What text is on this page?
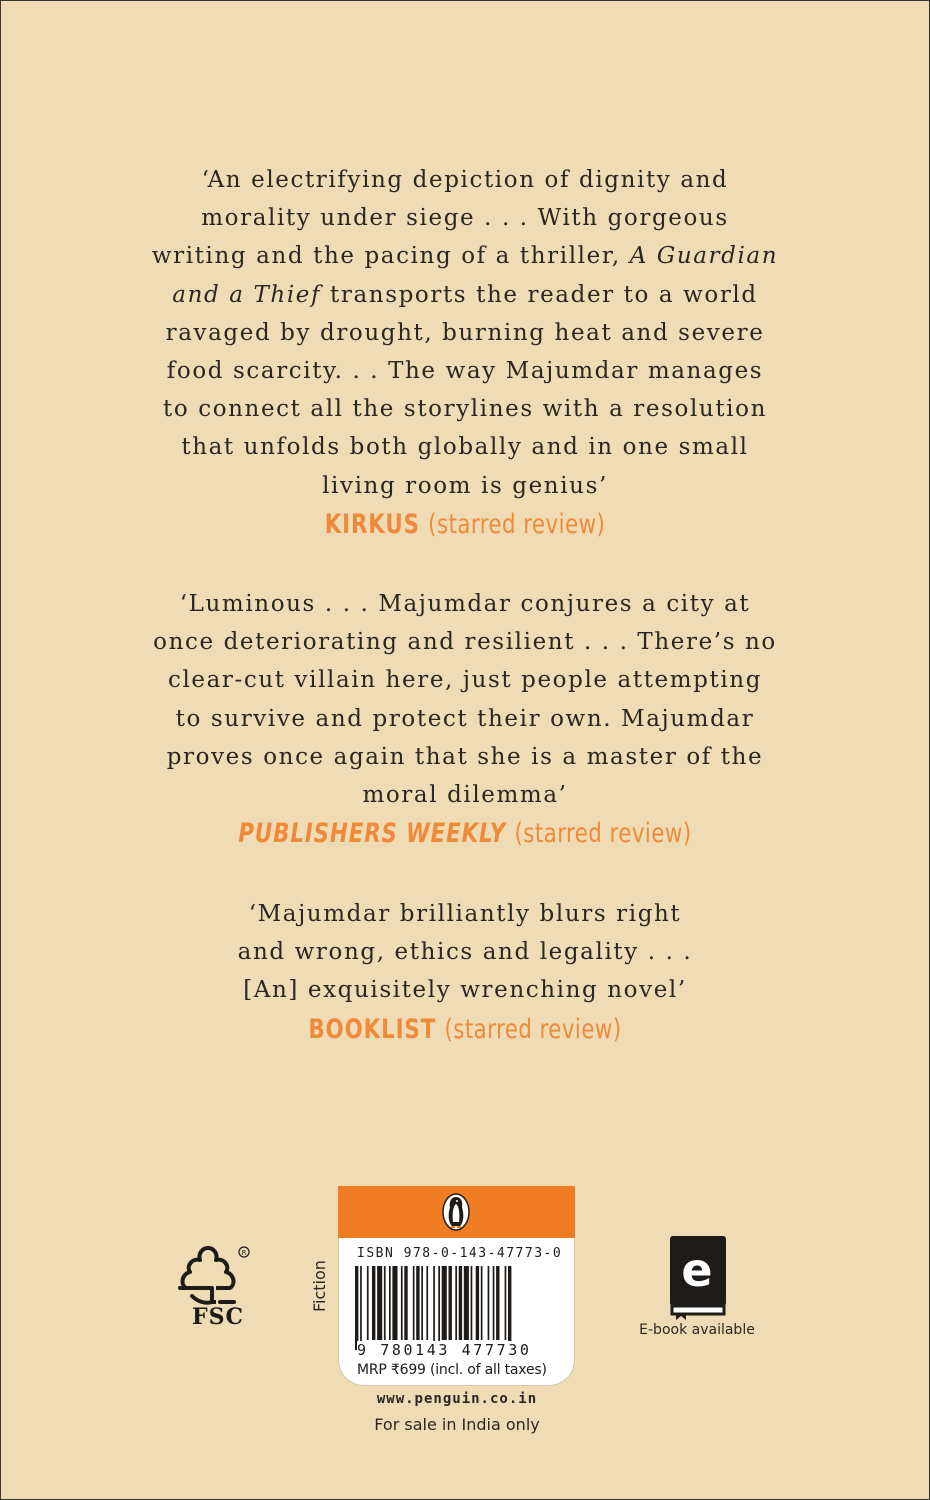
‘An electrifying depiction of dignity and
morality under siege . . . With gorgeous
writing and the pacing of a thriller, A Guardian
and a Thief transports the reader to a world
ravaged by drought, burning heat and severe
food scarcity. . . The way Majumdar manages
to connect all the storylines with a resolution
that unfolds both globally and in one small
living room is genius’
KIRKUS (starred review)
‘Luminous . . . Majumdar conjures a city at
once deteriorating and resilient . . . There’s no
clear-cut villain here, just people attempting
to survive and protect their own. Majumdar
proves once again that she is a master of the
moral dilemma’
PUBLISHERS WEEKLY (starred review)
‘Majumdar brilliantly blurs right
and wrong, ethics and legality . . .
[An] exquisitely wrenching novel’
BOOKLIST (starred review)
R
FSC
Fiction
ISBN 978-0-143-47773-0
9 780143 477730
MRP ₹699 (incl. of all taxes)
www.penguin.co.in
For sale in India only
e
E-book available
